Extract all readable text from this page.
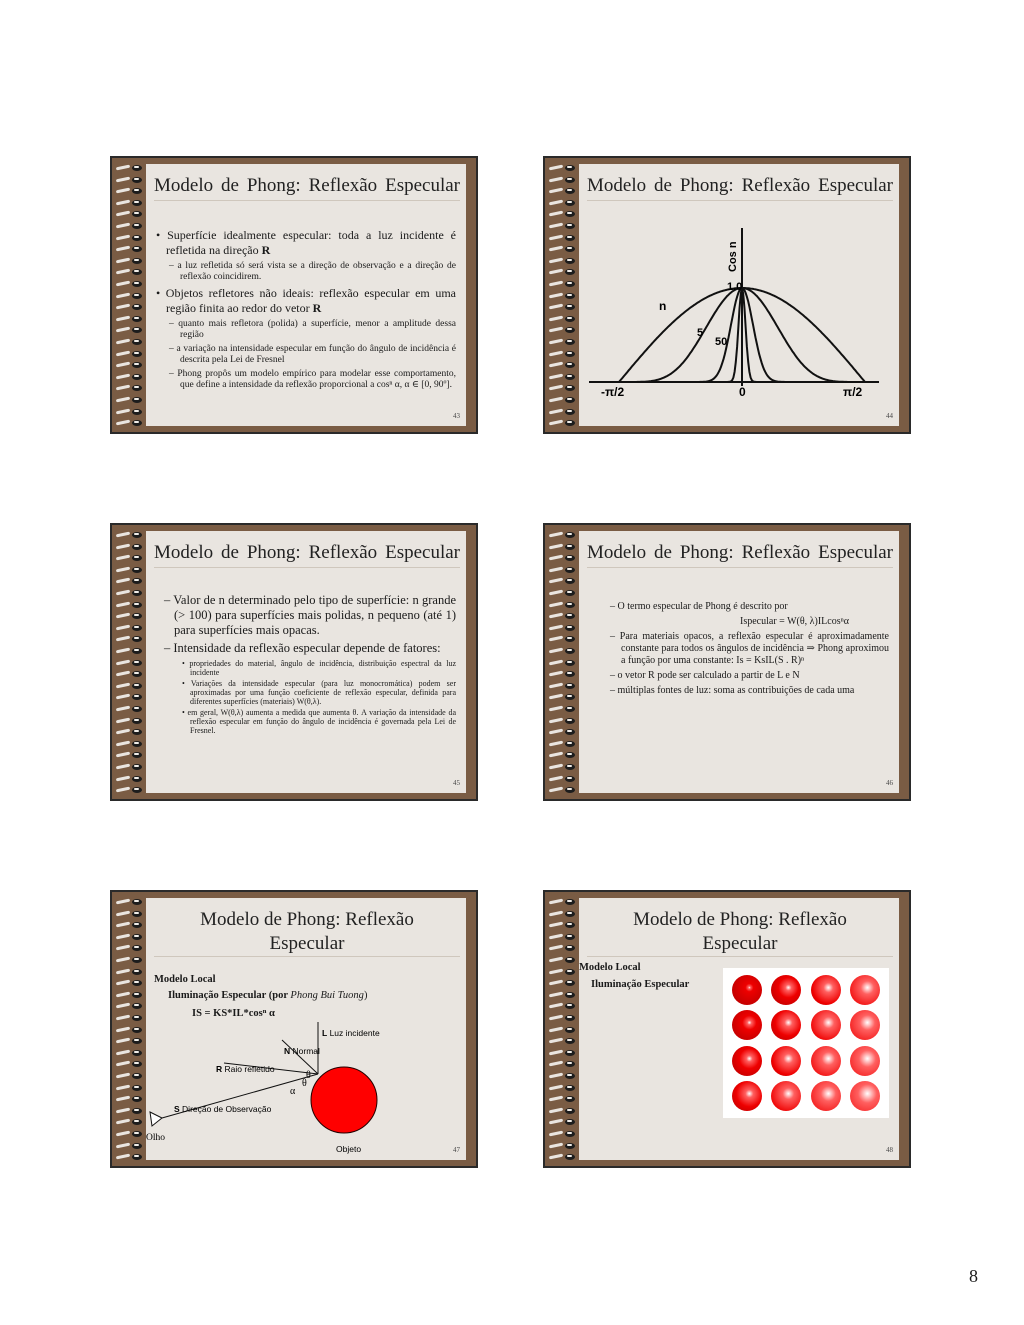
Modelo de Phong: Reflexão Especular

• Superfície idealmente especular: toda a luz incidente é refletida na direção R

– a luz refletida só será vista se a direção de observação e a direção de reflexão coincidirem.

• Objetos refletores não ideais: reflexão especular em uma região finita ao redor do vetor R

– quanto mais refletora (polida) a superfície, menor a amplitude dessa região

– a variação na intensidade especular em função do ângulo de incidência é descrita pela Lei de Fresnel

– Phong propôs um modelo empírico para modelar esse comportamento, que define a intensidade da reflexão proporcional a cosⁿ α, α ∈ [0, 90º].

43
Modelo de Phong: Reflexão Especular
Cos n
1.0
n
5
50
-π/2	0	π/2
44
Modelo de Phong: Reflexão Especular

– Valor de n determinado pelo tipo de superfície: n grande (> 100) para superfícies mais polidas, n pequeno (até 1) para superfícies mais opacas.

– Intensidade da reflexão especular depende de fatores:

• propriedades do material, ângulo de incidência, distribuição espectral da luz incidente

• Variações da intensidade especular (para luz monocromática) podem ser aproximadas por uma função coeficiente de reflexão especular, definida para diferentes superfícies (materiais) W(θ,λ).

• em geral, W(θ,λ) aumenta a medida que aumenta θ. A variação da intensidade da reflexão especular em função do ângulo de incidência é governada pela Lei de Fresnel.

45
Modelo de Phong: Reflexão Especular

– O termo especular de Phong é descrito por

Ispecular = W(θ, λ)ILcosⁿα

– Para materiais opacos, a reflexão especular é aproximadamente constante para todos os ângulos de incidência ⇒ Phong aproximou a função por uma constante: Is = KsIL(S . R)ⁿ

– o vetor R pode ser calculado a partir de L e N

– múltiplas fontes de luz: soma as contribuições de cada uma

46
Modelo de Phong: Reflexão Especular
Modelo Local
Iluminação Especular (por Phong Bui Tuong)
IS = KS*IL*cosⁿ α
L Luz incidente
N Normal
R Raio refletido
S Direção de Observação
θ
θ
α
Olho
Objeto	47
Modelo de Phong: Reflexão Especular
Modelo Local
Iluminação Especular
48
8
